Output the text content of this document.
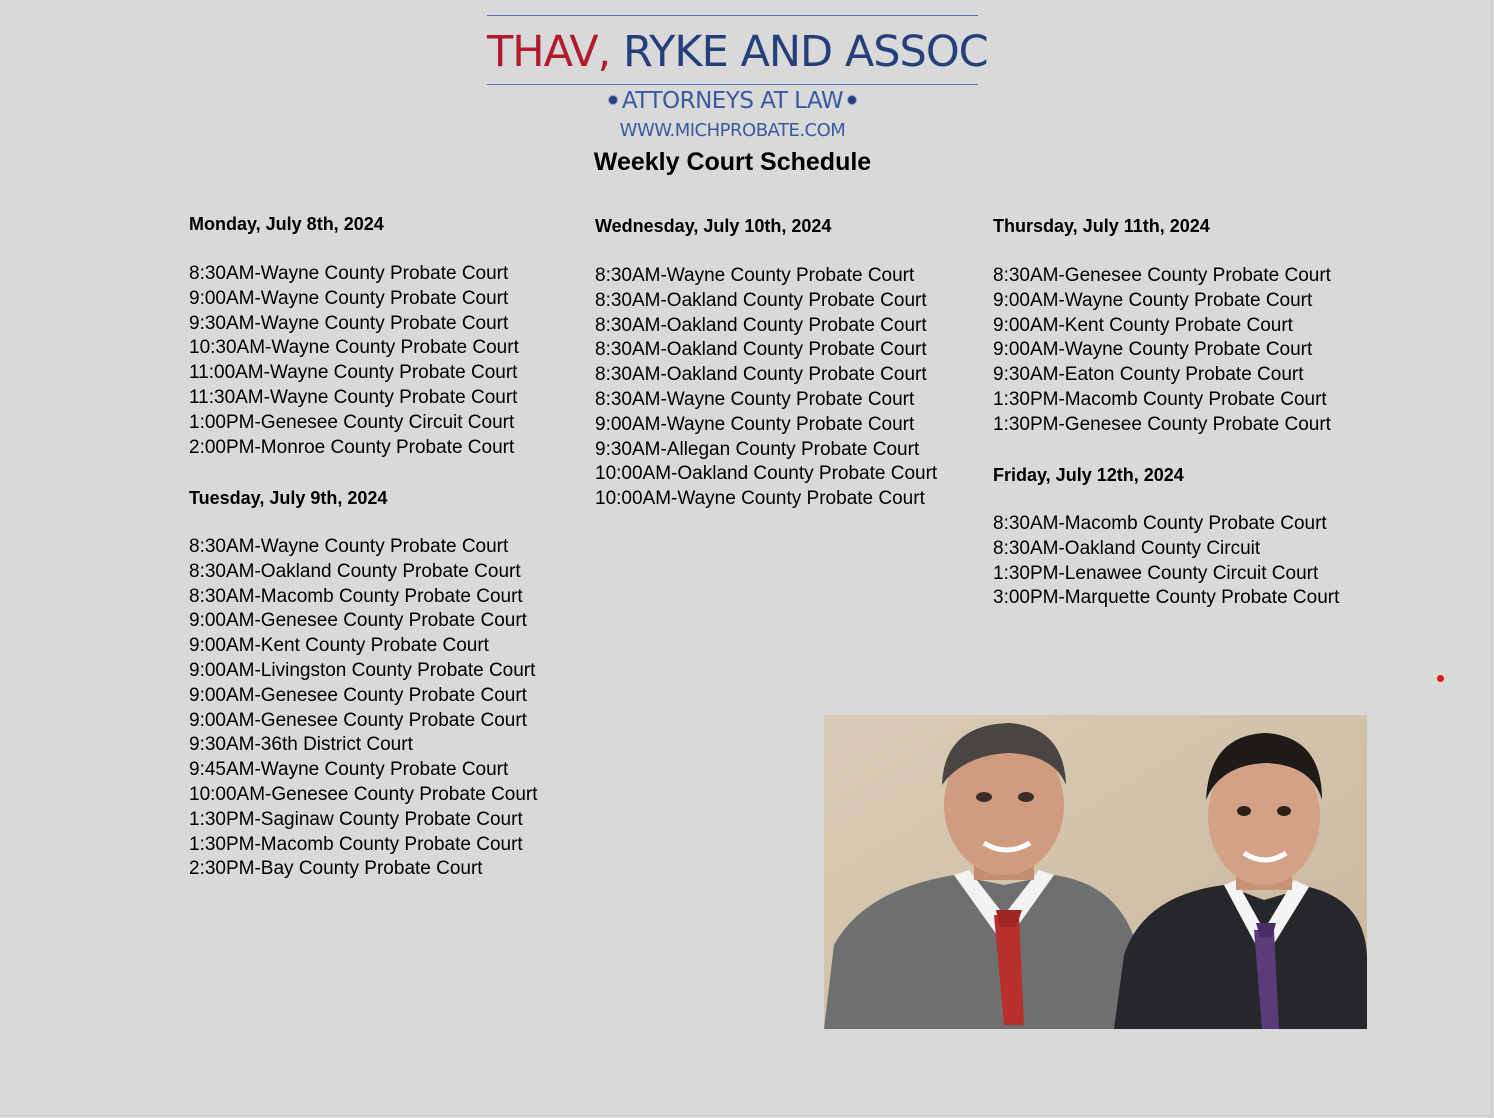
THAV, RYKE AND ASSOC
ATTORNEYS AT LAW
WWW.MICHPROBATE.COM
Weekly Court Schedule
Monday, July 8th, 2024
8:30AM-Wayne County Probate Court
9:00AM-Wayne County Probate Court
9:30AM-Wayne County Probate Court
10:30AM-Wayne County Probate Court
11:00AM-Wayne County Probate Court
11:30AM-Wayne County Probate Court
1:00PM-Genesee County Circuit Court
2:00PM-Monroe County Probate Court
Tuesday, July 9th, 2024
8:30AM-Wayne County Probate Court
8:30AM-Oakland County Probate Court
8:30AM-Macomb County Probate Court
9:00AM-Genesee County Probate Court
9:00AM-Kent County Probate Court
9:00AM-Livingston County Probate Court
9:00AM-Genesee County Probate Court
9:00AM-Genesee County Probate Court
9:30AM-36th District Court
9:45AM-Wayne County Probate Court
10:00AM-Genesee County Probate Court
1:30PM-Saginaw County Probate Court
1:30PM-Macomb County Probate Court
2:30PM-Bay County Probate Court
Wednesday, July 10th, 2024
8:30AM-Wayne County Probate Court
8:30AM-Oakland County Probate Court
8:30AM-Oakland County Probate Court
8:30AM-Oakland County Probate Court
8:30AM-Oakland County Probate Court
8:30AM-Wayne County Probate Court
9:00AM-Wayne County Probate Court
9:30AM-Allegan County Probate Court
10:00AM-Oakland County Probate Court
10:00AM-Wayne County Probate Court
Thursday, July 11th, 2024
8:30AM-Genesee County Probate Court
9:00AM-Wayne County Probate Court
9:00AM-Kent County Probate Court
9:00AM-Wayne County Probate Court
9:30AM-Eaton County Probate Court
1:30PM-Macomb County Probate Court
1:30PM-Genesee County Probate Court
Friday, July 12th, 2024
8:30AM-Macomb County Probate Court
8:30AM-Oakland County Circuit
1:30PM-Lenawee County Circuit Court
3:00PM-Marquette County Probate Court
